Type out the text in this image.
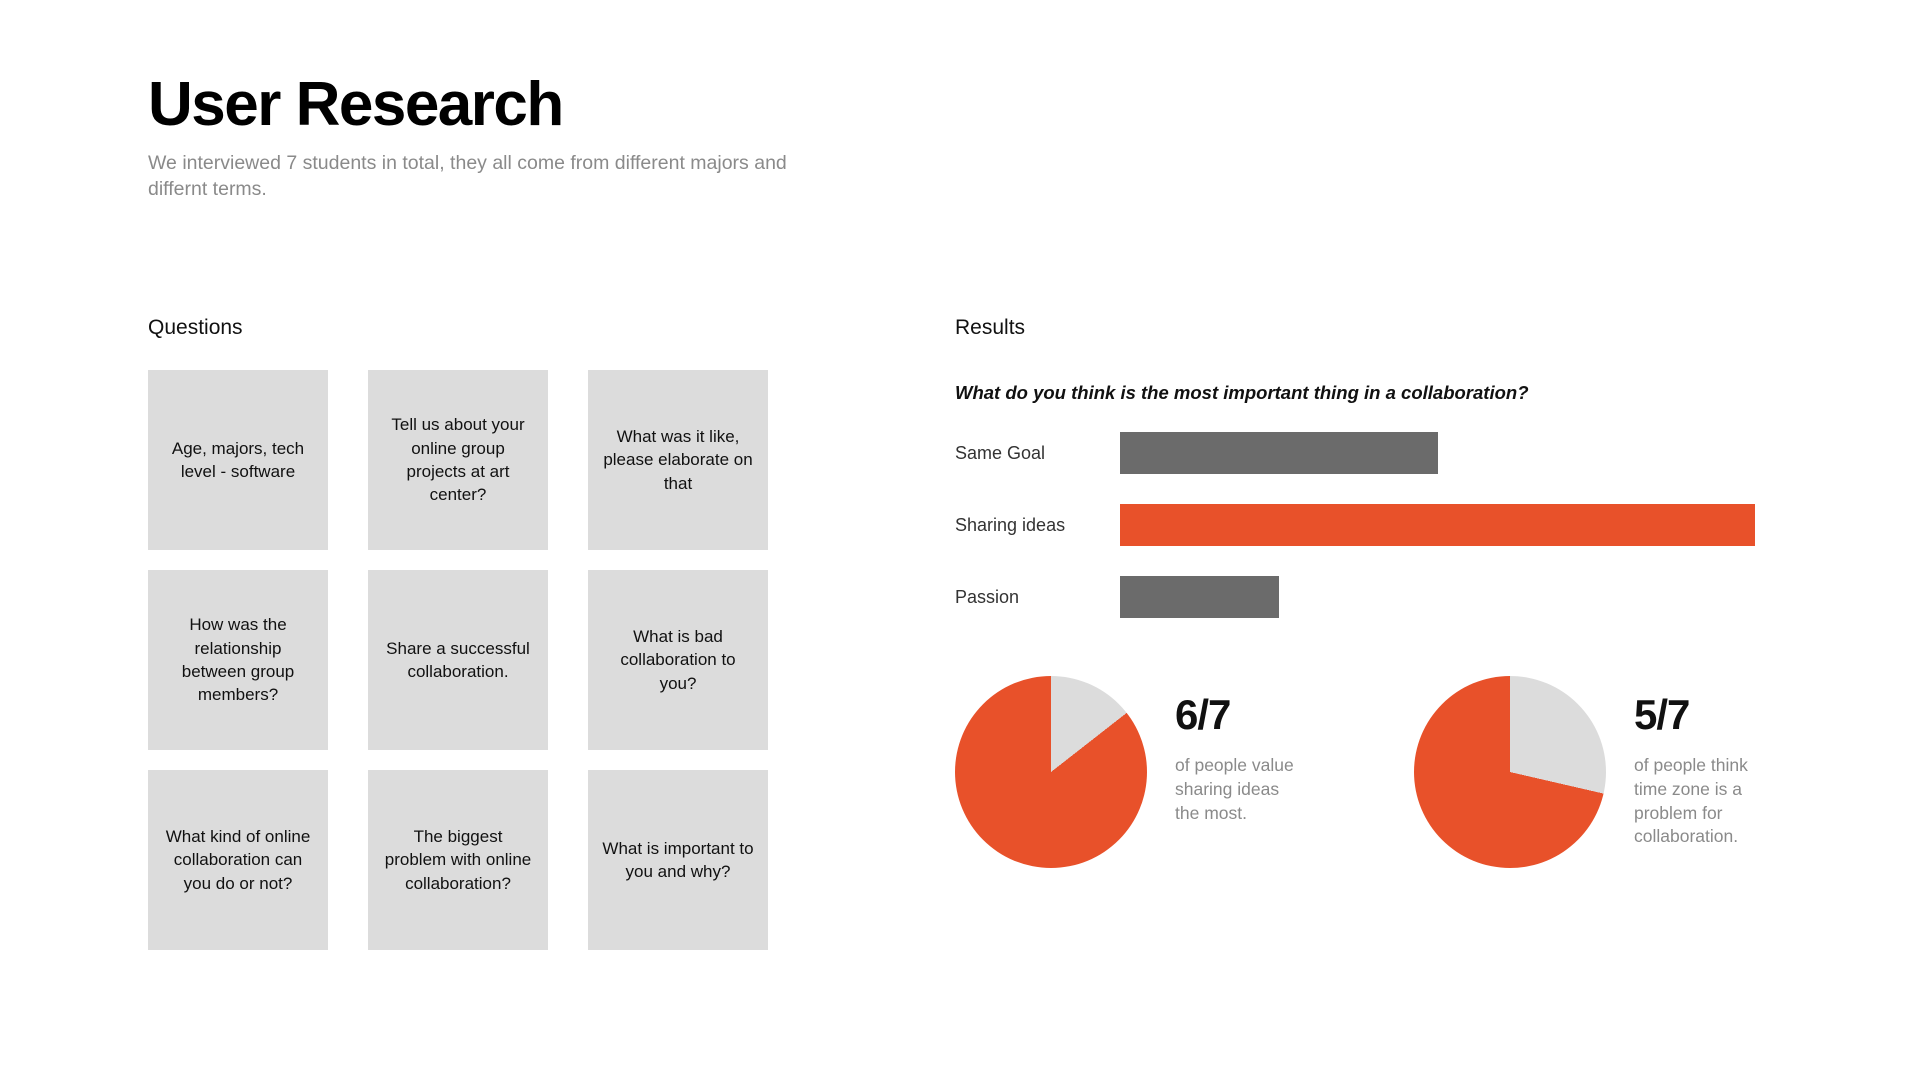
User Research

We interviewed 7 students in total, they all come from different majors and differnt terms.

Questions
Age, majors, tech level - software
Tell us about your online group projects at art center?
What was it like, please elaborate on that
How was the relationship between group members?
Share a successful collaboration.
What is bad collaboration to you?
What kind of online collaboration can you do or not?
The biggest problem with online collaboration?
What is important to you and why?
Results
What do you think is the most important thing in a collaboration?
Same Goal
Sharing ideas
Passion
6/7
of people value sharing ideas the most.
5/7
of people think time zone is a problem for collaboration.
